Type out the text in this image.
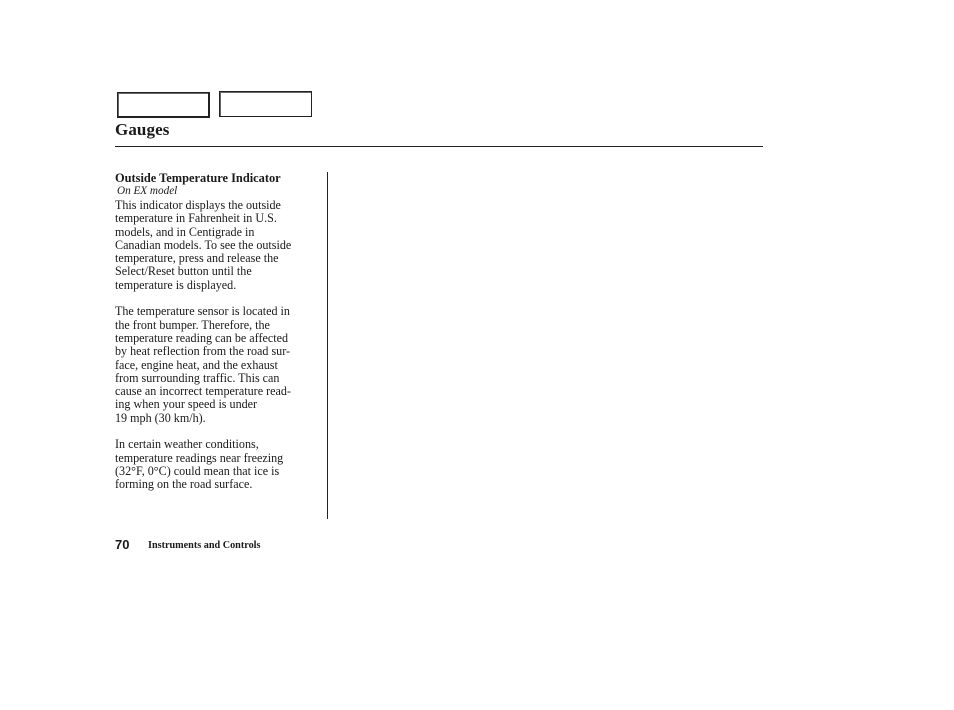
Gauges
Outside Temperature Indicator
On EX model
This indicator displays the outside
temperature in Fahrenheit in U.S.
models, and in Centigrade in
Canadian models. To see the outside
temperature, press and release the
Select/Reset button until the
temperature is displayed.
The temperature sensor is located in
the front bumper. Therefore, the
temperature reading can be affected
by heat reflection from the road sur-
face, engine heat, and the exhaust
from surrounding traffic. This can
cause an incorrect temperature read-
ing when your speed is under
19 mph (30 km/h).
In certain weather conditions,
temperature readings near freezing
(32°F, 0°C) could mean that ice is
forming on the road surface.
70 Instruments and Controls
